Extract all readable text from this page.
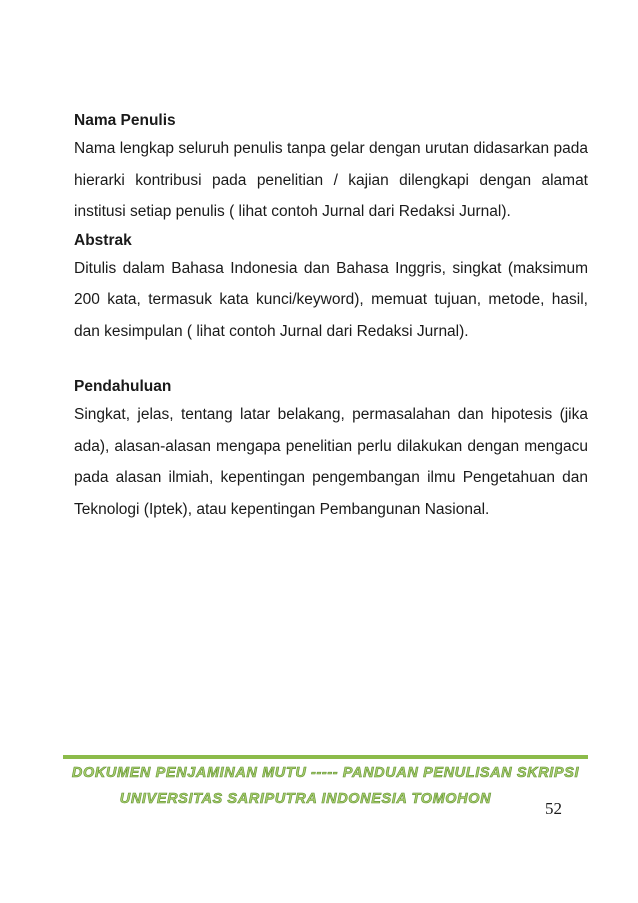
Nama Penulis

Nama lengkap seluruh penulis tanpa gelar dengan urutan didasarkan pada hierarki kontribusi pada penelitian / kajian dilengkapi dengan alamat institusi setiap penulis ( lihat contoh Jurnal dari Redaksi Jurnal).

Abstrak

Ditulis dalam Bahasa Indonesia dan Bahasa Inggris, singkat (maksimum 200 kata, termasuk kata kunci/keyword), memuat tujuan, metode, hasil, dan kesimpulan ( lihat contoh Jurnal dari Redaksi Jurnal).

Pendahuluan

Singkat, jelas, tentang latar belakang, permasalahan dan hipotesis (jika ada), alasan-alasan mengapa penelitian perlu dilakukan dengan mengacu pada alasan ilmiah, kepentingan pengembangan ilmu Pengetahuan dan Teknologi (Iptek), atau kepentingan Pembangunan Nasional.

DOKUMEN PENJAMINAN MUTU ----- PANDUAN PENULISAN SKRIPSI
UNIVERSITAS SARIPUTRA INDONESIA TOMOHON	52
